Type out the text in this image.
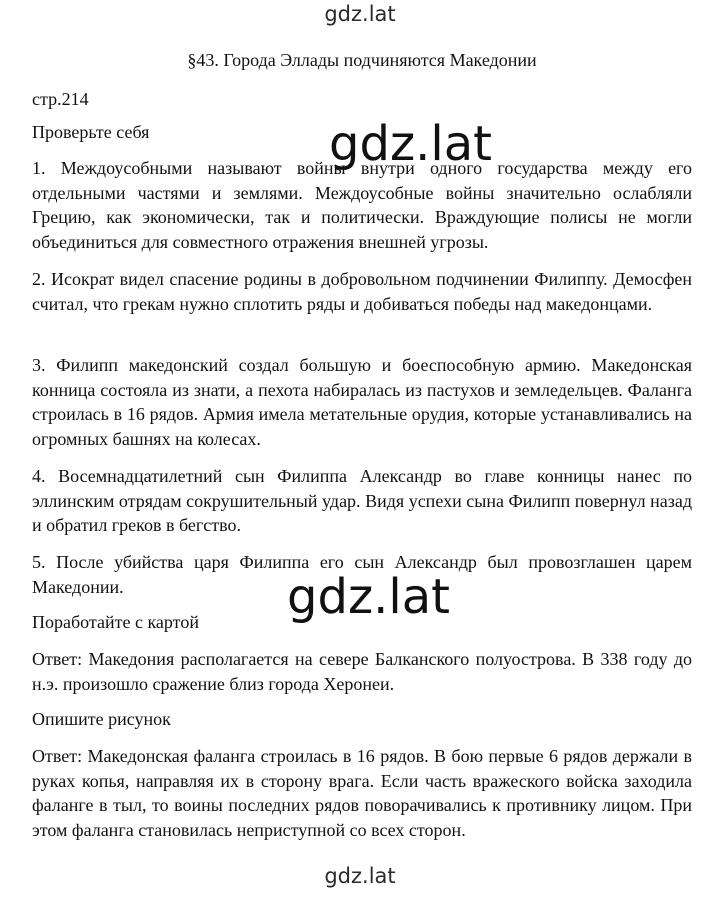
gdz.lat
§43. Города Эллады подчиняются Македонии
стр.214
Проверьте себя
1. Междоусобными называют войны внутри одного государства между его отдельными частями и землями. Междоусобные войны значительно ослабляли Грецию, как экономически, так и политически. Враждующие полисы не могли объединиться для совместного отражения внешней угрозы.
2. Исократ видел спасение родины в добровольном подчинении Филиппу. Демосфен считал, что грекам нужно сплотить ряды и добиваться победы над македонцами.
3. Филипп македонский создал большую и боеспособную армию. Македонская конница состояла из знати, а пехота набиралась из пастухов и земледельцев. Фаланга строилась в 16 рядов. Армия имела метательные орудия, которые устанавливались на огромных башнях на колесах.
4. Восемнадцатилетний сын Филиппа Александр во главе конницы нанес по эллинским отрядам сокрушительный удар. Видя успехи сына Филипп повернул назад и обратил греков в бегство.
5. После убийства царя Филиппа его сын Александр был провозглашен царем Македонии.
Поработайте с картой
Ответ: Македония располагается на севере Балканского полуострова. В 338 году до н.э. произошло сражение близ города Херонеи.
Опишите рисунок
Ответ: Македонская фаланга строилась в 16 рядов. В бою первые 6 рядов держали в руках копья, направляя их в сторону врага. Если часть вражеского войска заходила фаланге в тыл, то воины последних рядов поворачивались к противнику лицом. При этом фаланга становилась неприступной со всех сторон.
gdz.lat
gdz.lat
gdz.lat
